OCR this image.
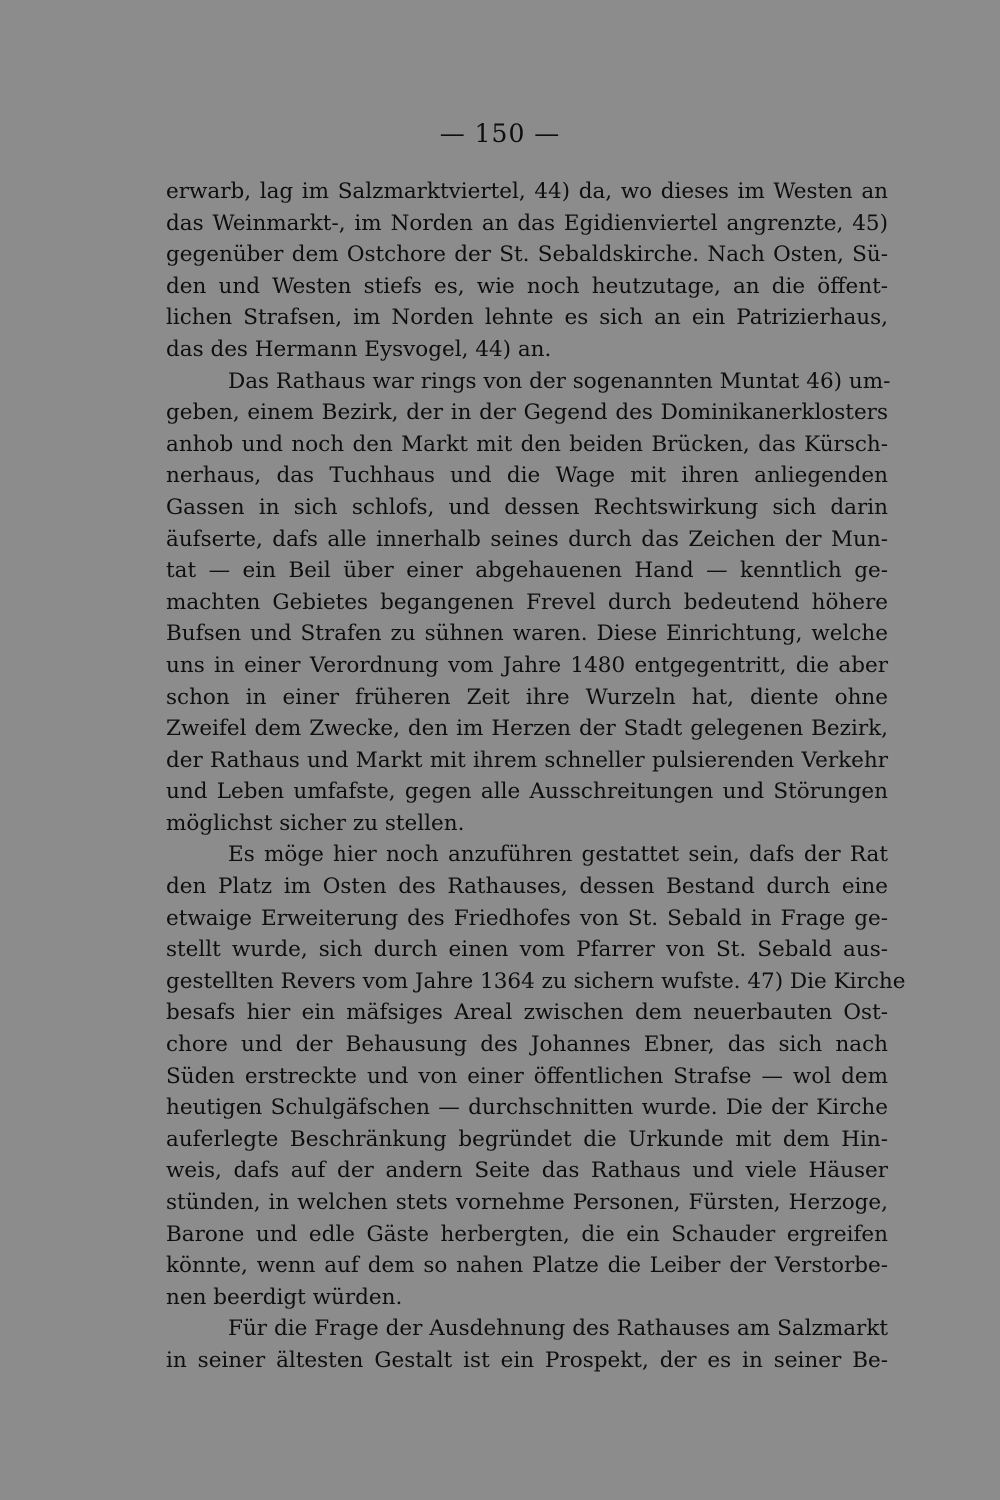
— 150 —
erwarb, lag im Salzmarktviertel, 44) da, wo dieses im Westen an
das Weinmarkt-, im Norden an das Egidienviertel angrenzte, 45)
gegenüber dem Ostchore der St. Sebaldskirche. Nach Osten, Sü-
den und Westen stiefs es, wie noch heutzutage, an die öffent-
lichen Strafsen, im Norden lehnte es sich an ein Patrizierhaus,
das des Hermann Eysvogel, 44) an.
Das Rathaus war rings von der sogenannten Muntat 46) um-
geben, einem Bezirk, der in der Gegend des Dominikanerklosters
anhob und noch den Markt mit den beiden Brücken, das Kürsch-
nerhaus, das Tuchhaus und die Wage mit ihren anliegenden
Gassen in sich schlofs, und dessen Rechtswirkung sich darin
äufserte, dafs alle innerhalb seines durch das Zeichen der Mun-
tat — ein Beil über einer abgehauenen Hand — kenntlich ge-
machten Gebietes begangenen Frevel durch bedeutend höhere
Bufsen und Strafen zu sühnen waren. Diese Einrichtung, welche
uns in einer Verordnung vom Jahre 1480 entgegentritt, die aber
schon in einer früheren Zeit ihre Wurzeln hat, diente ohne
Zweifel dem Zwecke, den im Herzen der Stadt gelegenen Bezirk,
der Rathaus und Markt mit ihrem schneller pulsierenden Verkehr
und Leben umfafste, gegen alle Ausschreitungen und Störungen
möglichst sicher zu stellen.
Es möge hier noch anzuführen gestattet sein, dafs der Rat
den Platz im Osten des Rathauses, dessen Bestand durch eine
etwaige Erweiterung des Friedhofes von St. Sebald in Frage ge-
stellt wurde, sich durch einen vom Pfarrer von St. Sebald aus-
gestellten Revers vom Jahre 1364 zu sichern wufste. 47) Die Kirche
besafs hier ein mäfsiges Areal zwischen dem neuerbauten Ost-
chore und der Behausung des Johannes Ebner, das sich nach
Süden erstreckte und von einer öffentlichen Strafse — wol dem
heutigen Schulgäfschen — durchschnitten wurde. Die der Kirche
auferlegte Beschränkung begründet die Urkunde mit dem Hin-
weis, dafs auf der andern Seite das Rathaus und viele Häuser
stünden, in welchen stets vornehme Personen, Fürsten, Herzoge,
Barone und edle Gäste herbergten, die ein Schauder ergreifen
könnte, wenn auf dem so nahen Platze die Leiber der Verstorbe-
nen beerdigt würden.
Für die Frage der Ausdehnung des Rathauses am Salzmarkt
in seiner ältesten Gestalt ist ein Prospekt, der es in seiner Be-
